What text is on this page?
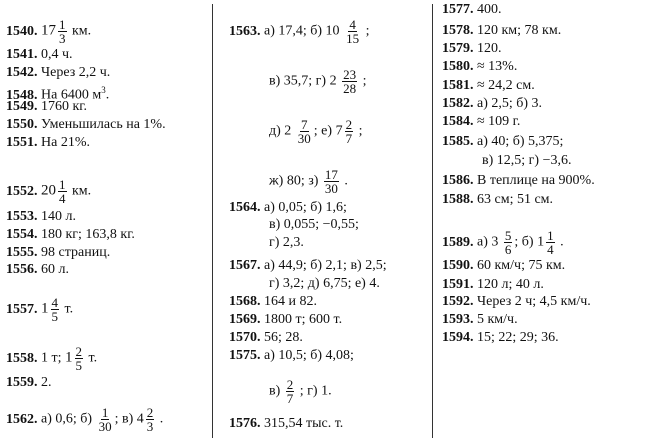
1540. $17 \frac{1}{3}$ км.
1541. 0,4 ч.
1542. Через 2,2 ч.
1548. На 6400 $м^3$.
1549. 1760 кг.
1550. Уменьшилась на 1%.
1551. На 21%.
1552. $20 \frac{1}{4}$ км.
1553. 140 л.
1554. 180 кг; 163,8 кг.
1555. 98 страниц.
1556. 60 л.
1557. $1 \frac{4}{5} т$.
1558. 1 т; $1 \frac{2}{5} т$.
1559. 2.
1562. а) 0,6; $б) \frac{1}{30}$ ; в) $4 \frac{2}{3}$ .
1563. а) 17,4; б) $10 \frac{4}{15}$ ;
в) 35,7; г) $2 \frac{23}{28}$ ;
д) $2 \frac{7}{30}$ ; е) $7 \frac{2}{7}$ ;
ж) 80; $з) \frac{17}{30}$ .
1564. а) 0,05; б) 1,6;
в) 0,055; −0,55;
г) 2,3.
1567. а) 44,9; б) 2,1; в) 2,5;
г) 3,2; д) 6,75; е) 4.
1568. 164 и 82.
1569. 1800 т; 600 т.
1570. 56; 28.
1575. а) 10,5; б) 4,08;
$в) \frac{2}{7}$ ; г) 1.
1576. 315,54 тыс. т.
1577. 400.
1578. 120 км; 78 км.
1579. 120.
1580. ≈ 13%.
1581. ≈ 24,2 см.
1582. а) 2,5; б) 3.
1584. ≈ 109 г.
1585. а) 40; б) 5,375;
в) 12,5; г) −3,6.
1586. В теплице на 900%.
1588. 63 см; 51 см.
1589. а) $3 \frac{5}{6}$ ; б) $1 \frac{1}{4}$ .
1590. 60 км/ч; 75 км.
1591. 120 л; 40 л.
1592. Через 2 ч; 4,5 км/ч.
1593. 5 км/ч.
1594. 15; 22; 29; 36.
